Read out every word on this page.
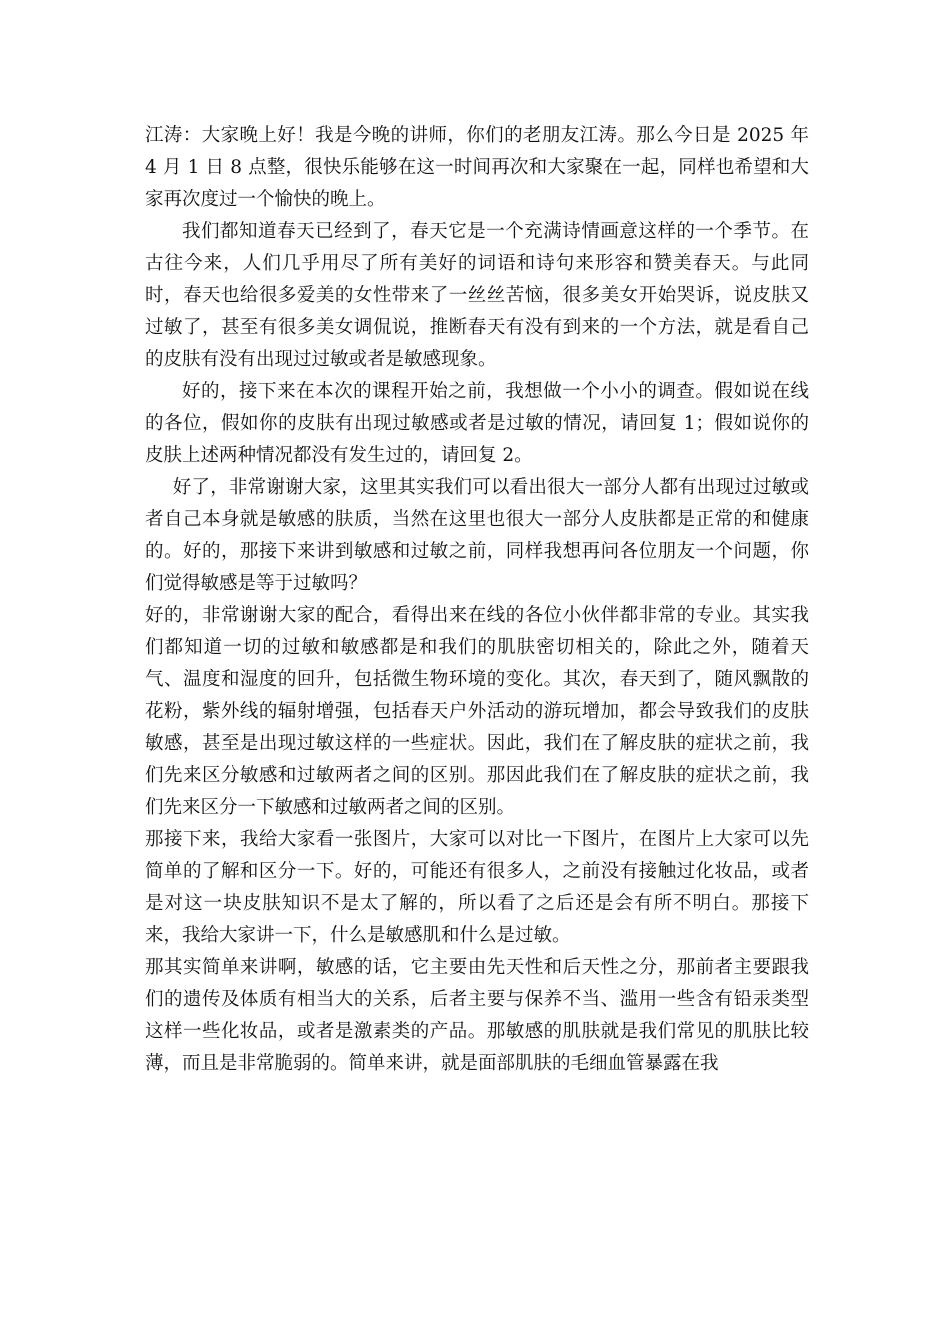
江涛：大家晚上好！我是今晚的讲师，你们的老朋友江涛。那么今日是 2025 年 4 月 1 日 8 点整，很快乐能够在这一时间再次和大家聚在一起，同样也希望和大家再次度过一个愉快的晚上。

我们都知道春天已经到了，春天它是一个充满诗情画意这样的一个季节。在古往今来，人们几乎用尽了所有美好的词语和诗句来形容和赞美春天。与此同时，春天也给很多爱美的女性带来了一丝丝苦恼，很多美女开始哭诉，说皮肤又过敏了，甚至有很多美女调侃说，推断春天有没有到来的一个方法，就是看自己的皮肤有没有出现过过敏或者是敏感现象。

好的，接下来在本次的课程开始之前，我想做一个小小的调查。假如说在线的各位，假如你的皮肤有出现过敏感或者是过敏的情况，请回复 1；假如说你的皮肤上述两种情况都没有发生过的，请回复 2。

好了，非常谢谢大家，这里其实我们可以看出很大一部分人都有出现过过敏或者自己本身就是敏感的肤质，当然在这里也很大一部分人皮肤都是正常的和健康的。好的，那接下来讲到敏感和过敏之前，同样我想再问各位朋友一个问题，你们觉得敏感是等于过敏吗？

好的，非常谢谢大家的配合，看得出来在线的各位小伙伴都非常的专业。其实我们都知道一切的过敏和敏感都是和我们的肌肤密切相关的，除此之外，随着天气、温度和湿度的回升，包括微生物环境的变化。其次，春天到了，随风飘散的花粉，紫外线的辐射增强，包括春天户外活动的游玩增加，都会导致我们的皮肤敏感，甚至是出现过敏这样的一些症状。因此，我们在了解皮肤的症状之前，我们先来区分敏感和过敏两者之间的区别。那因此我们在了解皮肤的症状之前，我们先来区分一下敏感和过敏两者之间的区别。

那接下来，我给大家看一张图片，大家可以对比一下图片，在图片上大家可以先简单的了解和区分一下。好的，可能还有很多人，之前没有接触过化妆品，或者是对这一块皮肤知识不是太了解的，所以看了之后还是会有所不明白。那接下来，我给大家讲一下，什么是敏感肌和什么是过敏。

那其实简单来讲啊，敏感的话，它主要由先天性和后天性之分，那前者主要跟我们的遗传及体质有相当大的关系，后者主要与保养不当、滥用一些含有铅汞类型这样一些化妆品，或者是激素类的产品。那敏感的肌肤就是我们常见的肌肤比较薄，而且是非常脆弱的。简单来讲，就是面部肌肤的毛细血管暴露在我
